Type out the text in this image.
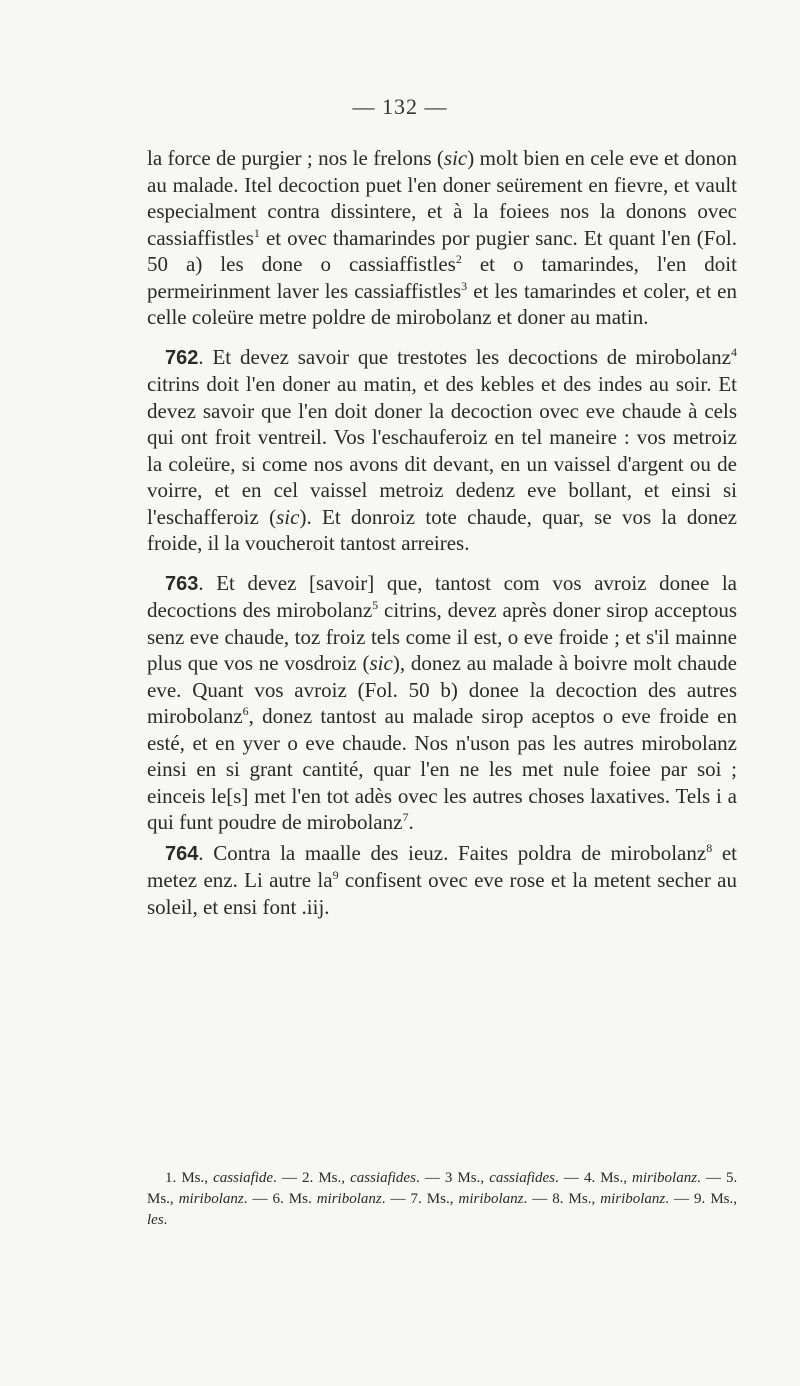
— 132 —

la force de purgier ; nos le frelons (sic) molt bien en cele eve et donon au malade. Itel decoction puet l'en doner seürement en fievre, et vault especialment contra dissintere, et à la foiees nos la donons ovec cassiaffistles$^1$ et ovec thamarindes por pugier sanc. Et quant l'en (Fol. 50 a) les done o cassiaffistles$^2$ et o tamarindes, l'en doit permeirinment laver les cassiaffistles$^3$ et les tamarindes et coler, et en celle coleüre metre poldre de mirobolanz et doner au matin.

762. Et devez savoir que trestotes les decoctions de mirobolanz$^4$ citrins doit l'en doner au matin, et des kebles et des indes au soir. Et devez savoir que l'en doit doner la decoction ovec eve chaude à cels qui ont froit ventreil. Vos l'eschauferoiz en tel maneire : vos metroiz la coleüre, si come nos avons dit devant, en un vaissel d'argent ou de voirre, et en cel vaissel metroiz dedenz eve bollant, et einsi si l'eschafferoiz (sic). Et donroiz tote chaude, quar, se vos la donez froide, il la voucheroit tantost arreires.

763. Et devez [savoir] que, tantost com vos avroiz donee la decoctions des mirobolanz$^5$ citrins, devez après doner sirop acceptous senz eve chaude, toz froiz tels come il est, o eve froide ; et s'il mainne plus que vos ne vosdroiz (sic), donez au malade à boivre molt chaude eve. Quant vos avroiz (Fol. 50 b) donee la decoction des autres mirobolanz$^6$, donez tantost au malade sirop aceptos o eve froide en esté, et en yver o eve chaude. Nos n'uson pas les autres mirobolanz einsi en si grant cantité, quar l'en ne les met nule foiee par soi ; einceis le[s] met l'en tot adès ovec les autres choses laxatives. Tels i a qui funt poudre de mirobolanz$^7$.

764. Contra la maalle des ieuz. Faites poldra de mirobolanz$^8$ et metez enz. Li autre $la^9$ confisent ovec eve rose et la metent secher au soleil, et ensi font .iij.

1. Ms., cassiafide. — 2. Ms., cassiafides. — 3 Ms., cassiafides. — 4. Ms., miribolanz. — 5. Ms., miribolanz. — 6. Ms. miribolanz. — 7. Ms., miribolanz. — 8. Ms., miribolanz. — 9. Ms., les.
